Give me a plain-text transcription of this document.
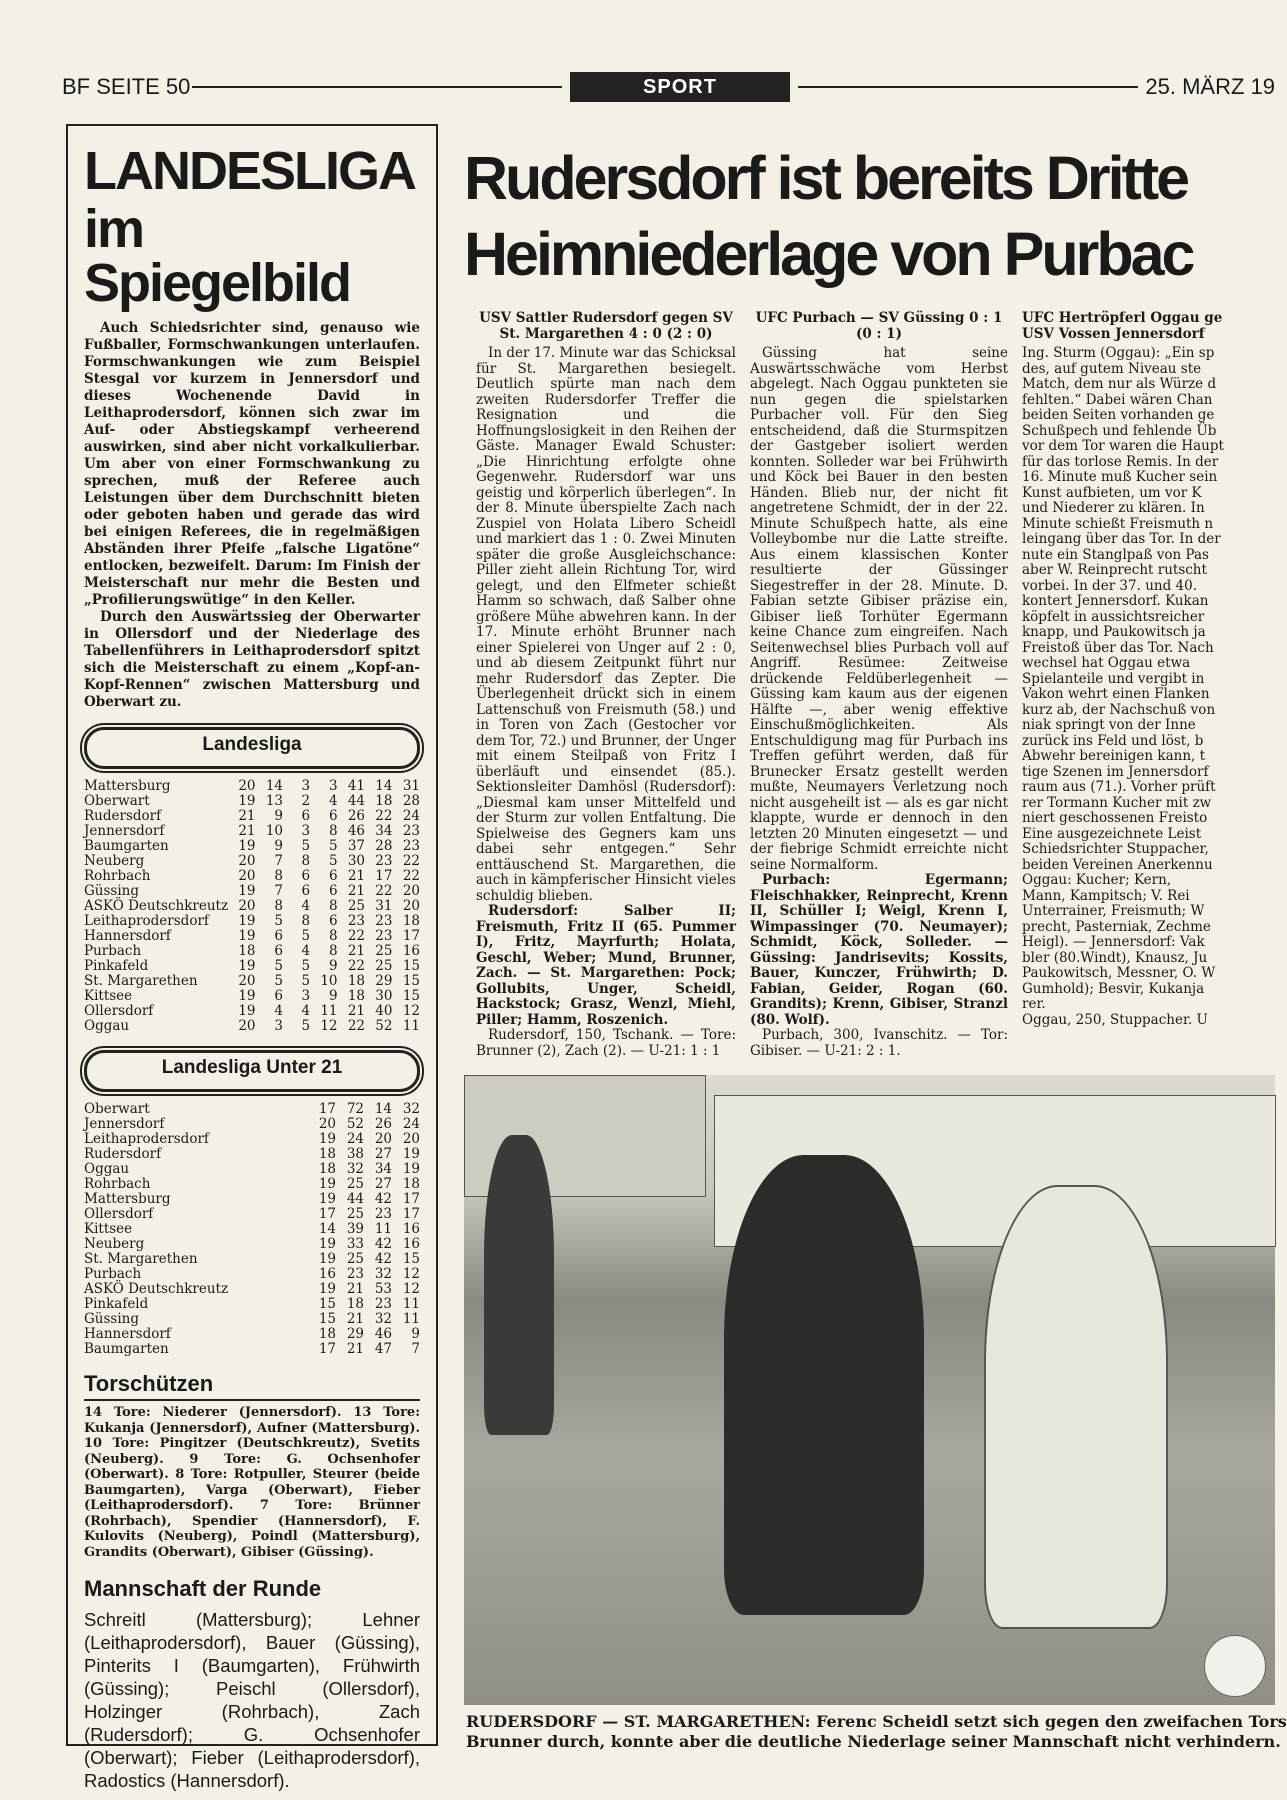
BF SEITE 50	SPORT	25. MÄRZ 19
LANDESLIGA
im Spiegelbild

Auch Schiedsrichter sind, genauso wie Fußballer, Formschwankungen unterlaufen. Formschwankungen wie zum Beispiel Stesgal vor kurzem in Jennersdorf und dieses Wochenende David in Leithaprodersdorf, können sich zwar im Auf- oder Abstiegskampf verheerend auswirken, sind aber nicht vorkalkulierbar. Um aber von einer Formschwankung zu sprechen, muß der Referee auch Leistungen über dem Durchschnitt bieten oder geboten haben und gerade das wird bei einigen Referees, die in regelmäßigen Abständen ihrer Pfeife „falsche Ligatöne“ entlocken, bezweifelt. Darum: Im Finish der Meisterschaft nur mehr die Besten und „Profilierungswütige“ in den Keller.

Durch den Auswärtssieg der Oberwarter in Ollersdorf und der Niederlage des Tabellenführers in Leithaprodersdorf spitzt sich die Meisterschaft zu einem „Kopf-an-Kopf-Rennen“ zwischen Mattersburg und Oberwart zu.

Landesliga
Mattersburg	20	14	3	3	41	14	31
Oberwart	19	13	2	4	44	18	28
Rudersdorf	21	9	6	6	26	22	24
Jennersdorf	21	10	3	8	46	34	23
Baumgarten	19	9	5	5	37	28	23
Neuberg	20	7	8	5	30	23	22
Rohrbach	20	8	6	6	21	17	22
Güssing	19	7	6	6	21	22	20
ASKÖ Deutschkreutz	20	8	4	8	25	31	20
Leithaprodersdorf	19	5	8	6	23	23	18
Hannersdorf	19	6	5	8	22	23	17
Purbach	18	6	4	8	21	25	16
Pinkafeld	19	5	5	9	22	25	15
St. Margarethen	20	5	5	10	18	29	15
Kittsee	19	6	3	9	18	30	15
Ollersdorf	19	4	4	11	21	40	12
Oggau	20	3	5	12	22	52	11
Landesliga Unter 21
Oberwart	17	72	14	32
Jennersdorf	20	52	26	24
Leithaprodersdorf	19	24	20	20
Rudersdorf	18	38	27	19
Oggau	18	32	34	19
Rohrbach	19	25	27	18
Mattersburg	19	44	42	17
Ollersdorf	17	25	23	17
Kittsee	14	39	11	16
Neuberg	19	33	42	16
St. Margarethen	19	25	42	15
Purbach	16	23	32	12
ASKÖ Deutschkreutz	19	21	53	12
Pinkafeld	15	18	23	11
Güssing	15	21	32	11
Hannersdorf	18	29	46	9
Baumgarten	17	21	47	7
Torschützen
14 Tore: Niederer (Jennersdorf). 13 Tore: Kukanja (Jennersdorf), Aufner (Mattersburg). 10 Tore: Pingitzer (Deutschkreutz), Svetits (Neuberg). 9 Tore: G. Ochsenhofer (Oberwart). 8 Tore: Rotpuller, Steurer (beide Baumgarten), Varga (Oberwart), Fieber (Leithaprodersdorf). 7 Tore: Brünner (Rohrbach), Spendier (Hannersdorf), F. Kulovits (Neuberg), Poindl (Mattersburg), Grandits (Oberwart), Gibiser (Güssing).
Mannschaft der Runde
Schreitl (Mattersburg); Lehner (Leithaprodersdorf), Bauer (Güssing), Pinterits I (Baumgarten), Frühwirth (Güssing); Peischl (Ollersdorf), Holzinger (Rohrbach), Zach (Rudersdorf); G. Ochsenhofer (Oberwart); Fieber (Leithaprodersdorf), Radostics (Hannersdorf).
Rudersdorf ist bereits Dritte
Heimniederlage von Purbac
USV Sattler Rudersdorf gegen SV St. Margarethen 4 : 0 (2 : 0)

In der 17. Minute war das Schicksal für St. Margarethen besiegelt. Deutlich spürte man nach dem zweiten Rudersdorfer Treffer die Resignation und die Hoffnungslosigkeit in den Reihen der Gäste. Manager Ewald Schuster: „Die Hinrichtung erfolgte ohne Gegenwehr. Rudersdorf war uns geistig und körperlich überlegen“. In der 8. Minute überspielte Zach nach Zuspiel von Holata Libero Scheidl und markiert das 1 : 0. Zwei Minuten später die große Ausgleichschance: Piller zieht allein Richtung Tor, wird gelegt, und den Elfmeter schießt Hamm so schwach, daß Salber ohne größere Mühe abwehren kann. In der 17. Minute erhöht Brunner nach einer Spielerei von Unger auf 2 : 0, und ab diesem Zeitpunkt führt nur mehr Rudersdorf das Zepter. Die Überlegenheit drückt sich in einem Lattenschuß von Freismuth (58.) und in Toren von Zach (Gestocher vor dem Tor, 72.) und Brunner, der Unger mit einem Steilpaß von Fritz I überläuft und einsendet (85.). Sektionsleiter Damhösl (Rudersdorf): „Diesmal kam unser Mittelfeld und der Sturm zur vollen Entfaltung. Die Spielweise des Gegners kam uns dabei sehr entgegen.“ Sehr enttäuschend St. Margarethen, die auch in kämpferischer Hinsicht vieles schuldig blieben.

Rudersdorf: Salber II; Freismuth, Fritz II (65. Pummer I), Fritz, Mayrfurth; Holata, Geschl, Weber; Mund, Brunner, Zach. — St. Margarethen: Pock; Gollubits, Unger, Scheidl, Hackstock; Grasz, Wenzl, Miehl, Piller; Hamm, Roszenich.

Rudersdorf, 150, Tschank. — Tore: Brunner (2), Zach (2). — U-21: 1 : 1

UFC Purbach — SV Güssing 0 : 1 (0 : 1)

Güssing hat seine Auswärtsschwäche vom Herbst abgelegt. Nach Oggau punkteten sie nun gegen die spielstarken Purbacher voll. Für den Sieg entscheidend, daß die Sturmspitzen der Gastgeber isoliert werden konnten. Solleder war bei Frühwirth und Köck bei Bauer in den besten Händen. Blieb nur, der nicht fit angetretene Schmidt, der in der 22. Minute Schußpech hatte, als eine Volleybombe nur die Latte streifte. Aus einem klassischen Konter resultierte der Güssinger Siegestreffer in der 28. Minute. D. Fabian setzte Gibiser präzise ein, Gibiser ließ Torhüter Egermann keine Chance zum eingreifen. Nach Seitenwechsel blies Purbach voll auf Angriff. Resümee: Zeitweise drückende Feldüberlegenheit — Güssing kam kaum aus der eigenen Hälfte —, aber wenig effektive Einschußmöglichkeiten. Als Entschuldigung mag für Purbach ins Treffen geführt werden, daß für Brunecker Ersatz gestellt werden mußte, Neumayers Verletzung noch nicht ausgeheilt ist — als es gar nicht klappte, wurde er dennoch in den letzten 20 Minuten eingesetzt — und der fiebrige Schmidt erreichte nicht seine Normalform.

Purbach: Egermann; Fleischhakker, Reinprecht, Krenn II, Schüller I; Weigl, Krenn I, Wimpassinger (70. Neumayer); Schmidt, Köck, Solleder. — Güssing: Jandrisevits; Kossits, Bauer, Kunczer, Frühwirth; D. Fabian, Geider, Rogan (60. Grandits); Krenn, Gibiser, Stranzl (80. Wolf).

Purbach, 300, Ivanschitz. — Tor: Gibiser. — U-21: 2 : 1.

UFC Hertröpferl Oggau ge
USV Vossen Jennersdorf

Ing. Sturm (Oggau): „Ein sp

des, auf gutem Niveau ste

Match, dem nur als Würze d

fehlten.“ Dabei wären Chan

beiden Seiten vorhanden ge

Schußpech und fehlende Üb

vor dem Tor waren die Haupt

für das torlose Remis. In der

16. Minute muß Kucher sein

Kunst aufbieten, um vor K

und Niederer zu klären. In

Minute schießt Freismuth n

leingang über das Tor. In der

nute ein Stanglpaß von Pas

aber W. Reinprecht rutscht

vorbei. In der 37. und 40.

kontert Jennersdorf. Kukan

köpfelt in aussichtsreicher

knapp, und Paukowitsch ja

Freistoß über das Tor. Nach

wechsel hat Oggau etwa

Spielanteile und vergibt in

Vakon wehrt einen Flanken

kurz ab, der Nachschuß von

niak springt von der Inne

zurück ins Feld und löst, b

Abwehr bereinigen kann, t

tige Szenen im Jennersdorf

raum aus (71.). Vorher prüft

rer Tormann Kucher mit zw

niert geschossenen Freisto

Eine ausgezeichnete Leist

Schiedsrichter Stuppacher,

beiden Vereinen Anerkennu

Oggau: Kucher; Kern,

Mann, Kampitsch; V. Rei

Unterrainer, Freismuth; W

precht, Pasterniak, Zechme

Heigl). — Jennersdorf: Vak

bler (80.Windt), Knausz, Ju

Paukowitsch, Messner, O. W

Gumhold); Besvir, Kukanja

rer.

Oggau, 250, Stuppacher. U

RUDERSDORF — ST. MARGARETHEN: Ferenc Scheidl setzt sich gegen den zweifachen Tors
Brunner durch, konnte aber die deutliche Niederlage seiner Mannschaft nicht verhindern.
